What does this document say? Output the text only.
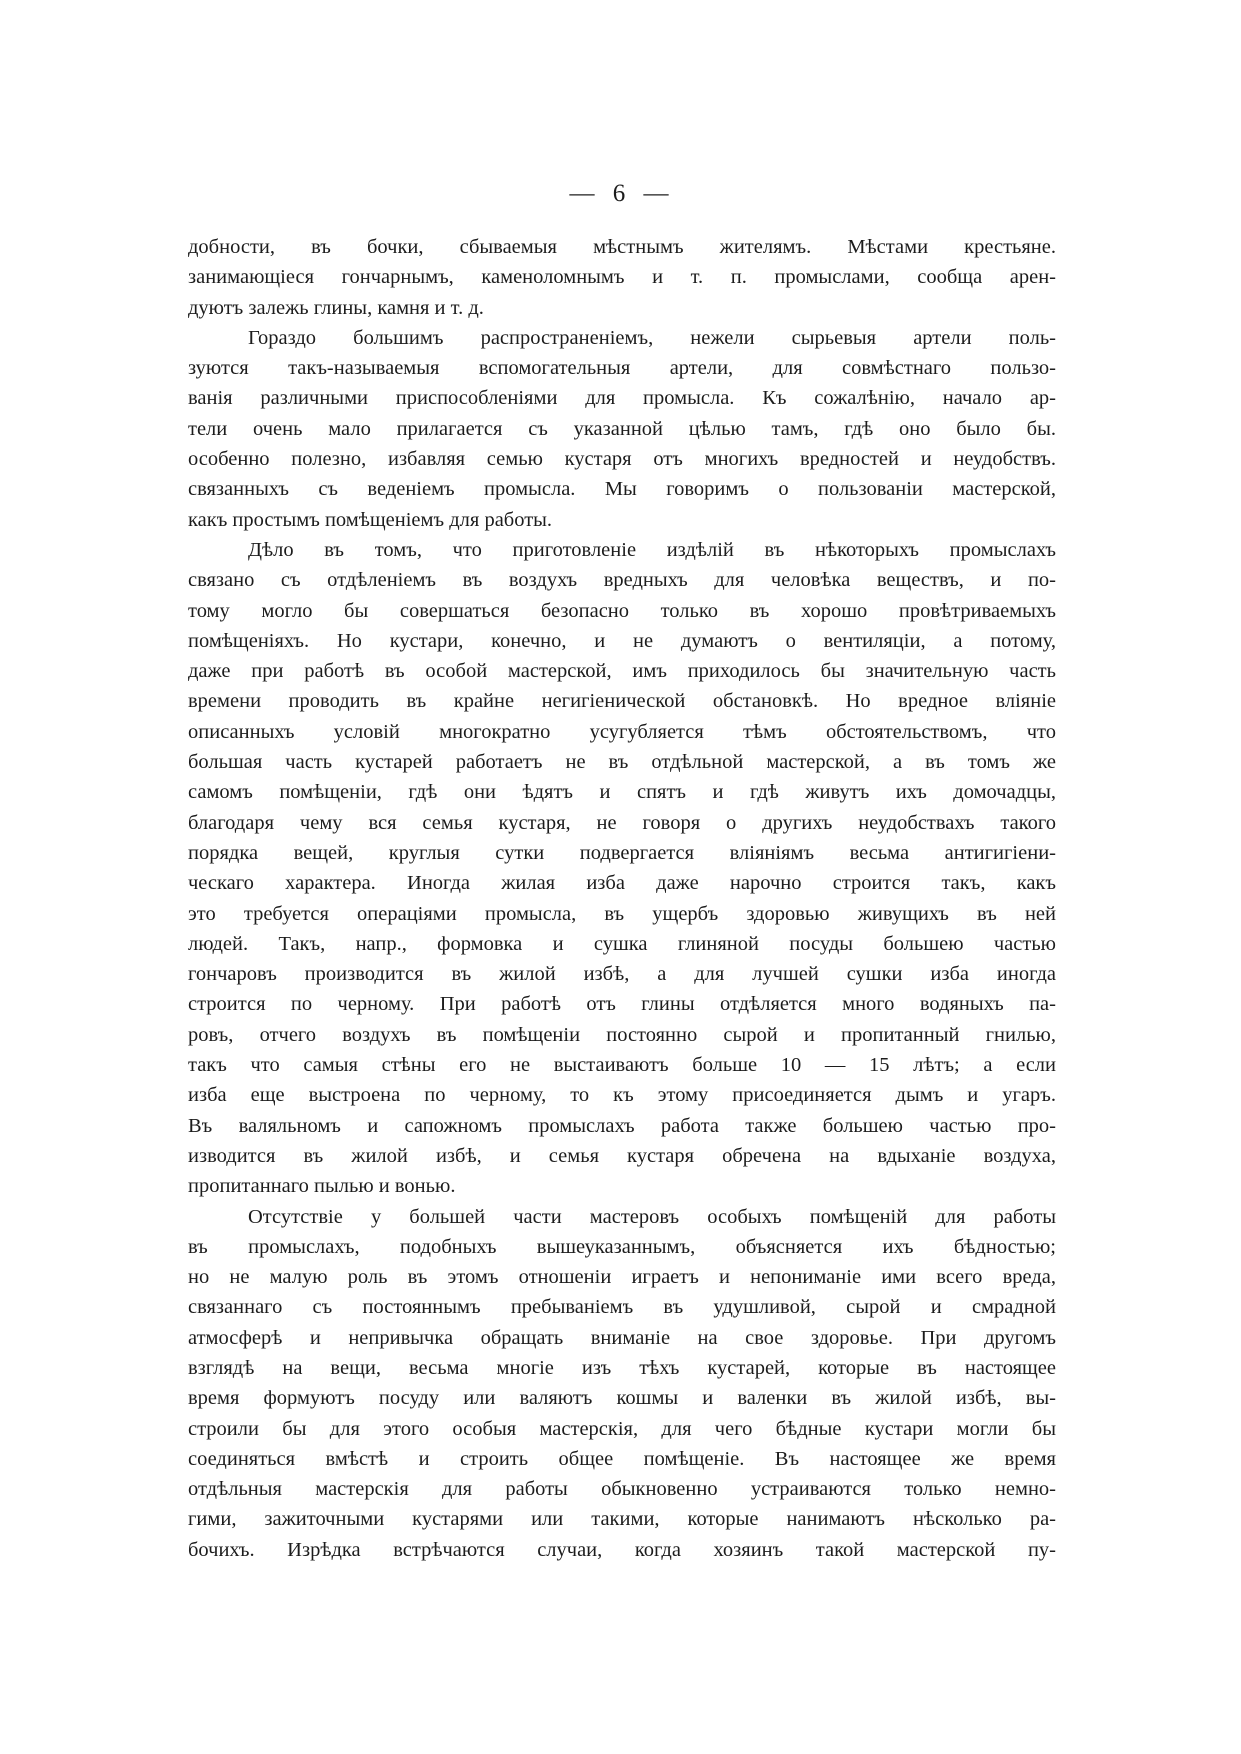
— 6 —
добности, въ бочки, сбываемыя мѣстнымъ жителямъ. Мѣстами крестьяне.
занимающiеся гончарнымъ, каменоломнымъ и т. п. промыслами, сообща арен-
дуютъ залежь глины, камня и т. д.
Гораздо большимъ распространенiемъ, нежели сырьевыя артели поль-
зуются такъ-называемыя вспомогательныя артели, для совмѣстнаго пользо-
ванiя различными приспособленiями для промысла. Къ сожалѣнiю, начало ар-
тели очень мало прилагается съ указанной цѣлью тамъ, гдѣ оно было бы.
особенно полезно, избавляя семью кустаря отъ многихъ вредностей и неудобствъ.
связанныхъ съ веденiемъ промысла. Мы говоримъ о пользованiи мастерской,
какъ простымъ помѣщенiемъ для работы.
Дѣло въ томъ, что приготовленiе издѣлiй въ нѣкоторыхъ промыслахъ
связано съ отдѣленiемъ въ воздухъ вредныхъ для человѣка веществъ, и по-
тому могло бы совершаться безопасно только въ хорошо провѣтриваемыхъ
помѣщенiяхъ. Но кустари, конечно, и не думаютъ о вентиляцiи, а потому,
даже при работѣ въ особой мастерской, имъ приходилось бы значительную часть
времени проводить въ крайне негигiенической обстановкѣ. Но вредное влiянiе
описанныхъ условiй многократно усугубляется тѣмъ обстоятельствомъ, что
большая часть кустарей работаетъ не въ отдѣльной мастерской, а въ томъ же
самомъ помѣщенiи, гдѣ они ѣдятъ и спятъ и гдѣ живутъ ихъ домочадцы,
благодаря чему вся семья кустаря, не говоря о другихъ неудобствахъ такого
порядка вещей, круглыя сутки подвергается влiянiямъ весьма антигигiени-
ческаго характера. Иногда жилая изба даже нарочно строится такъ, какъ
это требуется операцiями промысла, въ ущербъ здоровью живущихъ въ ней
людей. Такъ, напр., формовка и сушка глиняной посуды большею частью
гончаровъ производится въ жилой избѣ, а для лучшей сушки изба иногда
строится по черному. При работѣ отъ глины отдѣляется много водяныхъ па-
ровъ, отчего воздухъ въ помѣщенiи постоянно сырой и пропитанный гнилью,
такъ что самыя стѣны его не выстаиваютъ больше 10 — 15 лѣтъ; а если
изба еще выстроена по черному, то къ этому присоединяется дымъ и угаръ.
Въ валяльномъ и сапожномъ промыслахъ работа также большею частью про-
изводится въ жилой избѣ, и семья кустаря обречена на вдыханiе воздуха,
пропитаннаго пылью и вонью.
Отсутствiе у большей части мастеровъ особыхъ помѣщенiй для работы
въ промыслахъ, подобныхъ вышеуказаннымъ, объясняется ихъ бѣдностью;
но не малую роль въ этомъ отношенiи играетъ и непониманiе ими всего вреда,
связаннаго съ постояннымъ пребыванiемъ въ удушливой, сырой и смрадной
атмосферѣ и непривычка обращать вниманiе на свое здоровье. При другомъ
взглядѣ на вещи, весьма многiе изъ тѣхъ кустарей, которые въ настоящее
время формуютъ посуду или валяютъ кошмы и валенки въ жилой избѣ, вы-
строили бы для этого особыя мастерскiя, для чего бѣдные кустари могли бы
соединяться вмѣстѣ и строить общее помѣщенiе. Въ настоящее же время
отдѣльныя мастерскiя для работы обыкновенно устраиваются только немно-
гими, зажиточными кустарями или такими, которые нанимаютъ нѣсколько ра-
бочихъ. Изрѣдка встрѣчаются случаи, когда хозяинъ такой мастерской пу-
